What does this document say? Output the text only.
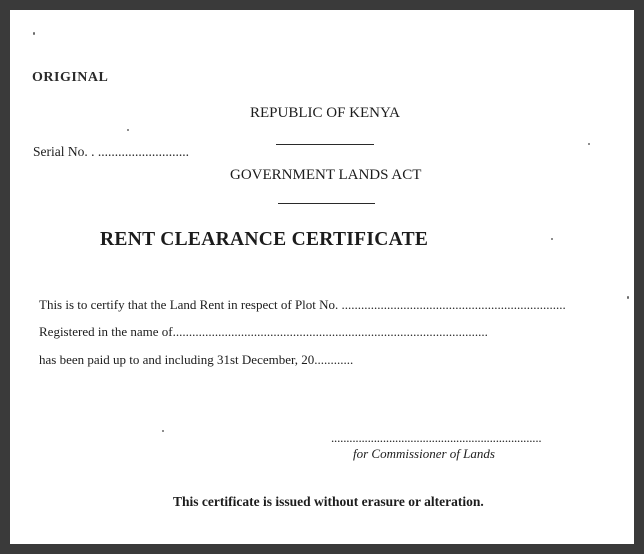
ORIGINAL
REPUBLIC OF KENYA
Serial No. . ...........................
GOVERNMENT LANDS ACT
RENT CLEARANCE CERTIFICATE
This is to certify that the Land Rent in respect of Plot No. .....................................................................
Registered in the name of.................................................................................................
has been paid up to and including 31st December, 20............
.....................................................................
for Commissioner of Lands
This certificate is issued without erasure or alteration.
